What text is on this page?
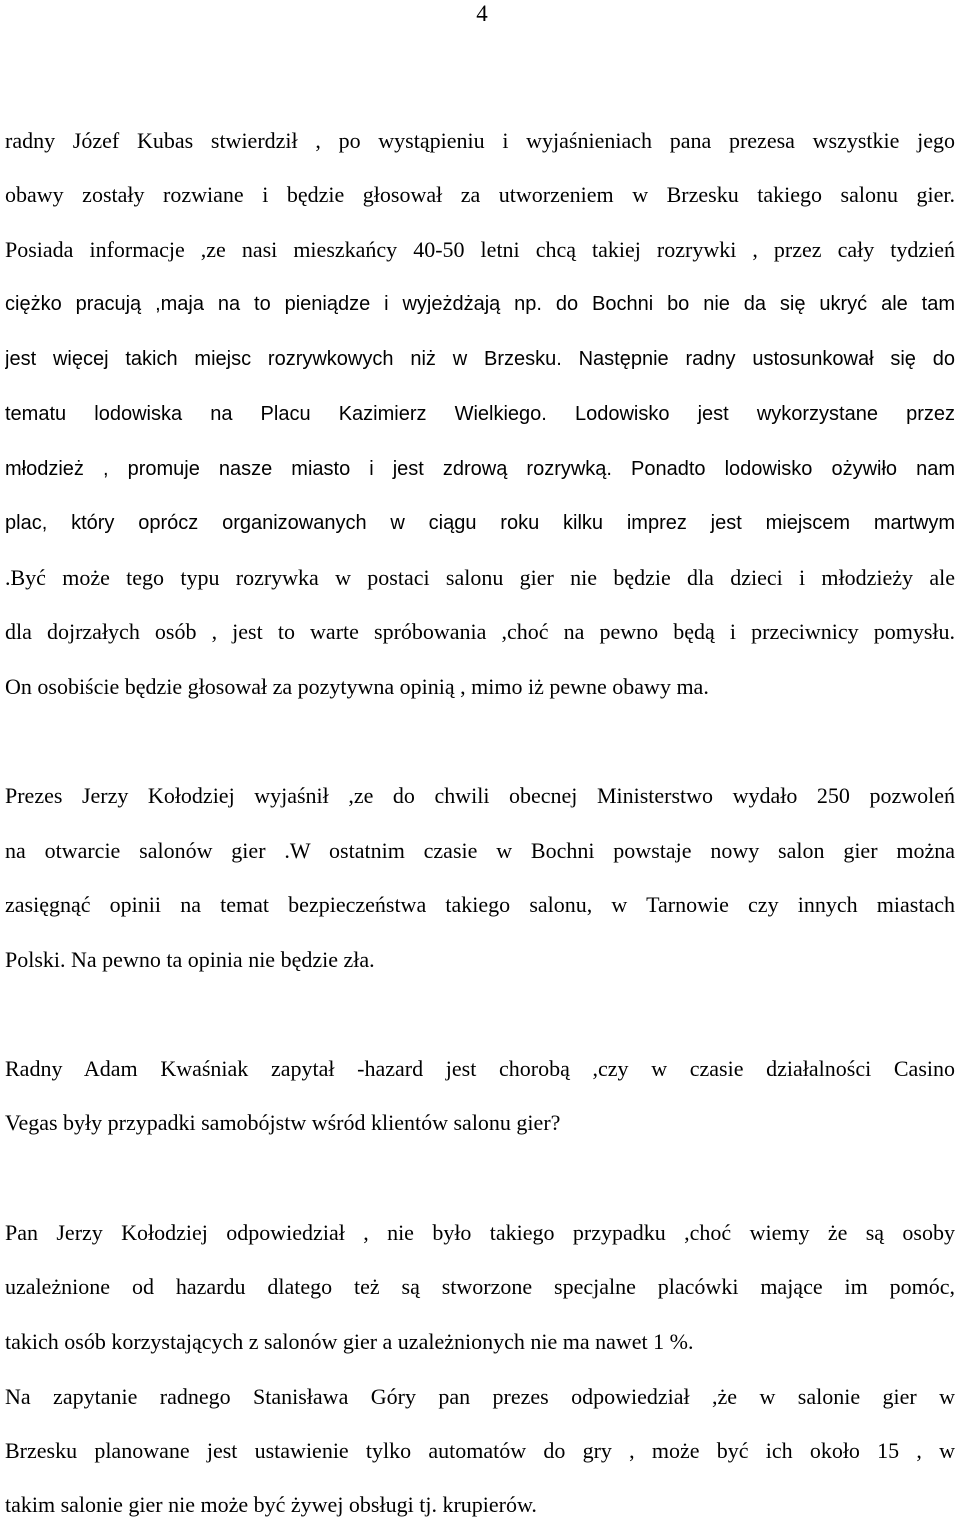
4
radny Józef Kubas stwierdził , po wystąpieniu i wyjaśnieniach pana prezesa wszystkie jego
obawy zostały rozwiane i będzie głosował za utworzeniem w Brzesku takiego salonu gier.
Posiada informacje ,ze nasi mieszkańcy 40-50 letni chcą takiej rozrywki , przez cały tydzień
ciężko pracują ,maja na to pieniądze i wyjeżdżają np. do Bochni bo nie da się ukryć ale tam
jest więcej takich miejsc rozrywkowych niż w Brzesku. Następnie radny ustosunkował się do
tematu lodowiska na Placu Kazimierz Wielkiego. Lodowisko jest wykorzystane przez
młodzież , promuje nasze miasto i jest zdrową rozrywką. Ponadto lodowisko ożywiło nam
plac, który oprócz organizowanych w ciągu roku kilku imprez jest miejscem martwym
.Być może tego typu rozrywka w postaci salonu gier nie będzie dla dzieci i młodzieży ale
dla dojrzałych osób , jest to warte spróbowania ,choć na pewno będą i przeciwnicy pomysłu.
On osobiście będzie głosował za pozytywna opinią , mimo iż pewne obawy ma.
Prezes Jerzy Kołodziej wyjaśnił ,ze do chwili obecnej Ministerstwo wydało 250 pozwoleń
na otwarcie salonów gier .W ostatnim czasie w Bochni powstaje nowy salon gier można
zasięgnąć opinii na temat bezpieczeństwa takiego salonu, w Tarnowie czy innych miastach
Polski. Na pewno ta opinia nie będzie zła.
Radny Adam Kwaśniak zapytał -hazard jest chorobą ,czy w czasie działalności Casino
Vegas były przypadki samobójstw wśród klientów salonu gier?
Pan Jerzy Kołodziej odpowiedział , nie było takiego przypadku ,choć wiemy że są osoby
uzależnione od hazardu dlatego też są stworzone specjalne placówki mające im pomóc,
takich osób korzystających z salonów gier a uzależnionych nie ma nawet 1 %.
Na zapytanie radnego Stanisława Góry pan prezes odpowiedział ,że w salonie gier w
Brzesku planowane jest ustawienie tylko automatów do gry , może być ich około 15 , w
takim salonie gier nie może być żywej obsługi tj. krupierów.
